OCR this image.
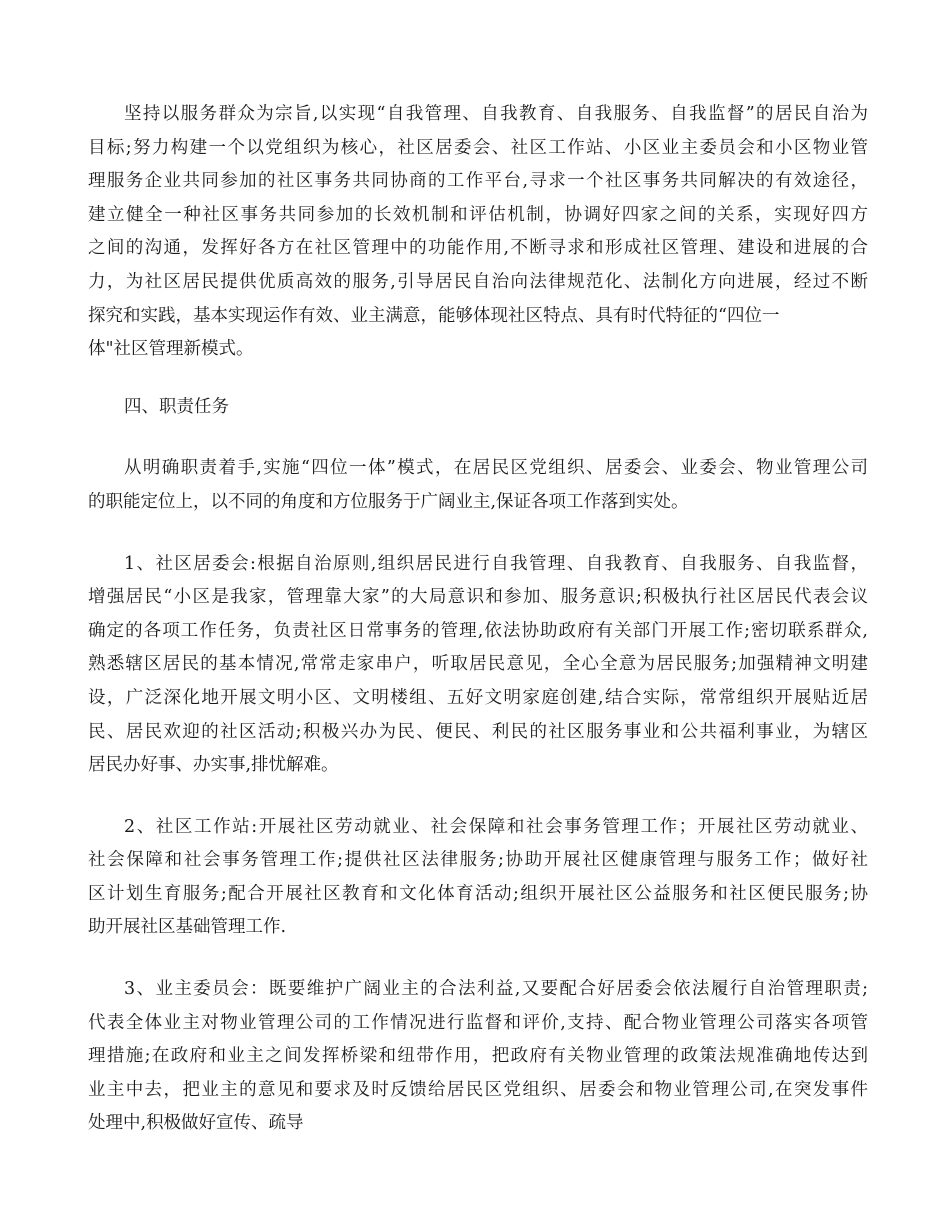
坚持以服务群众为宗旨,以实现“自我管理、自我教育、自我服务、自我监督”的居民自治为
目标;努力构建一个以党组织为核心，社区居委会、社区工作站、小区业主委员会和小区物业管
理服务企业共同参加的社区事务共同协商的工作平台,寻求一个社区事务共同解决的有效途径，
建立健全一种社区事务共同参加的长效机制和评估机制，协调好四家之间的关系，实现好四方
之间的沟通，发挥好各方在社区管理中的功能作用,不断寻求和形成社区管理、建设和进展的合
力，为社区居民提供优质高效的服务,引导居民自治向法律规范化、法制化方向进展，经过不断
探究和实践，基本实现运作有效、业主满意，能够体现社区特点、具有时代特征的“四位一
体"社区管理新模式。
四、职责任务
从明确职责着手,实施“四位一体”模式，在居民区党组织、居委会、业委会、物业管理公司
的职能定位上，以不同的角度和方位服务于广阔业主,保证各项工作落到实处。
1、社区居委会:根据自治原则,组织居民进行自我管理、自我教育、自我服务、自我监督，
增强居民“小区是我家，管理靠大家”的大局意识和参加、服务意识;积极执行社区居民代表会议
确定的各项工作任务，负责社区日常事务的管理,依法协助政府有关部门开展工作;密切联系群众,
熟悉辖区居民的基本情况,常常走家串户，听取居民意见，全心全意为居民服务;加强精神文明建
设，广泛深化地开展文明小区、文明楼组、五好文明家庭创建,结合实际，常常组织开展贴近居
民、居民欢迎的社区活动;积极兴办为民、便民、利民的社区服务事业和公共福利事业，为辖区
居民办好事、办实事,排忧解难。
2、社区工作站:开展社区劳动就业、社会保障和社会事务管理工作；开展社区劳动就业、
社会保障和社会事务管理工作;提供社区法律服务;协助开展社区健康管理与服务工作；做好社
区计划生育服务;配合开展社区教育和文化体育活动;组织开展社区公益服务和社区便民服务;协
助开展社区基础管理工作.
3、业主委员会：既要维护广阔业主的合法利益,又要配合好居委会依法履行自治管理职责;
代表全体业主对物业管理公司的工作情况进行监督和评价,支持、配合物业管理公司落实各项管
理措施;在政府和业主之间发挥桥梁和纽带作用，把政府有关物业管理的政策法规准确地传达到
业主中去，把业主的意见和要求及时反馈给居民区党组织、居委会和物业管理公司,在突发事件
处理中,积极做好宣传、疏导
